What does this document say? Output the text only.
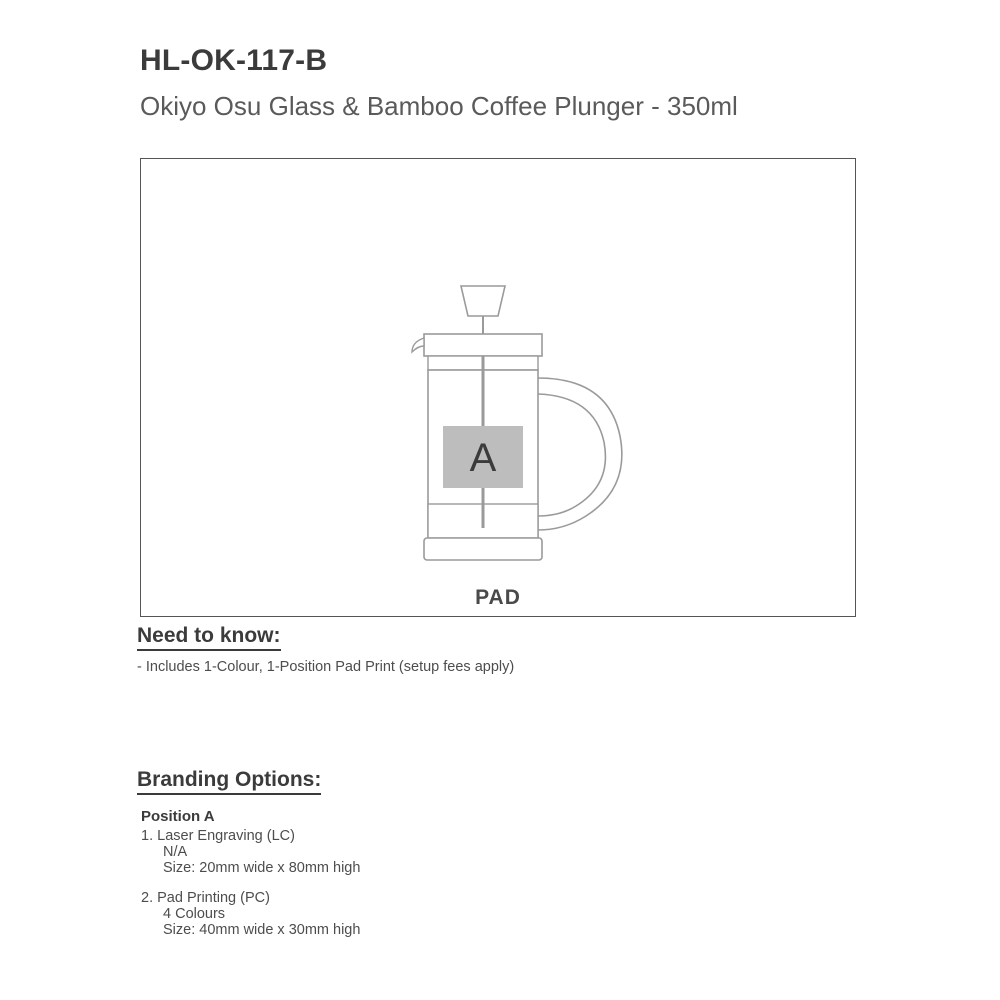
HL-OK-117-B
Okiyo Osu Glass & Bamboo Coffee Plunger - 350ml
A
PAD
Need to know:
- Includes 1-Colour, 1-Position Pad Print (setup fees apply)
Branding Options:
Position A
1. Laser Engraving (LC)
N/A
Size: 20mm wide x 80mm high
2. Pad Printing (PC)
4 Colours
Size: 40mm wide x 30mm high
